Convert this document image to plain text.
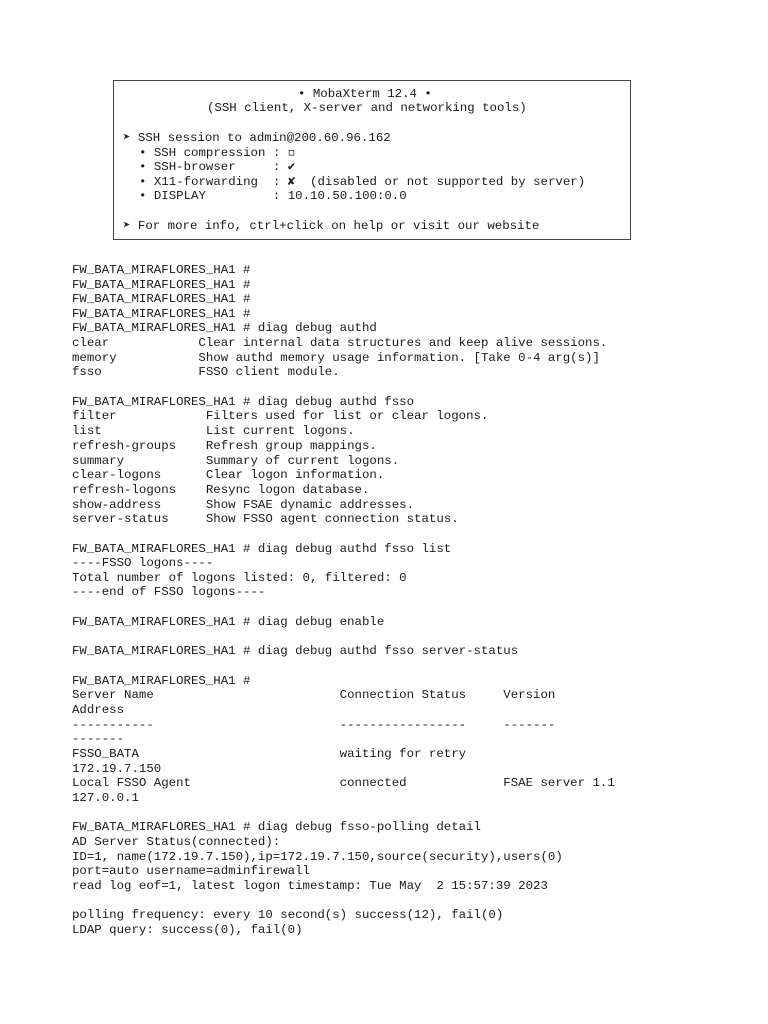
• MobaXterm 12.4 •
(SSH client, X-server and networking tools)
➤ SSH session to admin@200.60.96.162
• SSH compression : ◽
• SSH-browser     : ✔
• X11-forwarding  : ✘  (disabled or not supported by server)
• DISPLAY         : 10.10.50.100:0.0
➤ For more info, ctrl+click on help or visit our website
FW_BATA_MIRAFLORES_HA1 #
FW_BATA_MIRAFLORES_HA1 #
FW_BATA_MIRAFLORES_HA1 #
FW_BATA_MIRAFLORES_HA1 #
FW_BATA_MIRAFLORES_HA1 # diag debug authd
clear            Clear internal data structures and keep alive sessions.
memory           Show authd memory usage information. [Take 0-4 arg(s)]
fsso             FSSO client module.
FW_BATA_MIRAFLORES_HA1 # diag debug authd fsso
filter            Filters used for list or clear logons.
list              List current logons.
refresh-groups    Refresh group mappings.
summary           Summary of current logons.
clear-logons      Clear logon information.
refresh-logons    Resync logon database.
show-address      Show FSAE dynamic addresses.
server-status     Show FSSO agent connection status.
FW_BATA_MIRAFLORES_HA1 # diag debug authd fsso list
----FSSO logons----
Total number of logons listed: 0, filtered: 0
----end of FSSO logons----
FW_BATA_MIRAFLORES_HA1 # diag debug enable
FW_BATA_MIRAFLORES_HA1 # diag debug authd fsso server-status
FW_BATA_MIRAFLORES_HA1 #
Server Name                         Connection Status     Version
Address
-----------                         -----------------     -------
-------
FSSO_BATA                           waiting for retry
172.19.7.150
Local FSSO Agent                    connected             FSAE server 1.1
127.0.0.1
FW_BATA_MIRAFLORES_HA1 # diag debug fsso-polling detail
AD Server Status(connected):
ID=1, name(172.19.7.150),ip=172.19.7.150,source(security),users(0)
port=auto username=adminfirewall
read log eof=1, latest logon timestamp: Tue May  2 15:57:39 2023
polling frequency: every 10 second(s) success(12), fail(0)
LDAP query: success(0), fail(0)
